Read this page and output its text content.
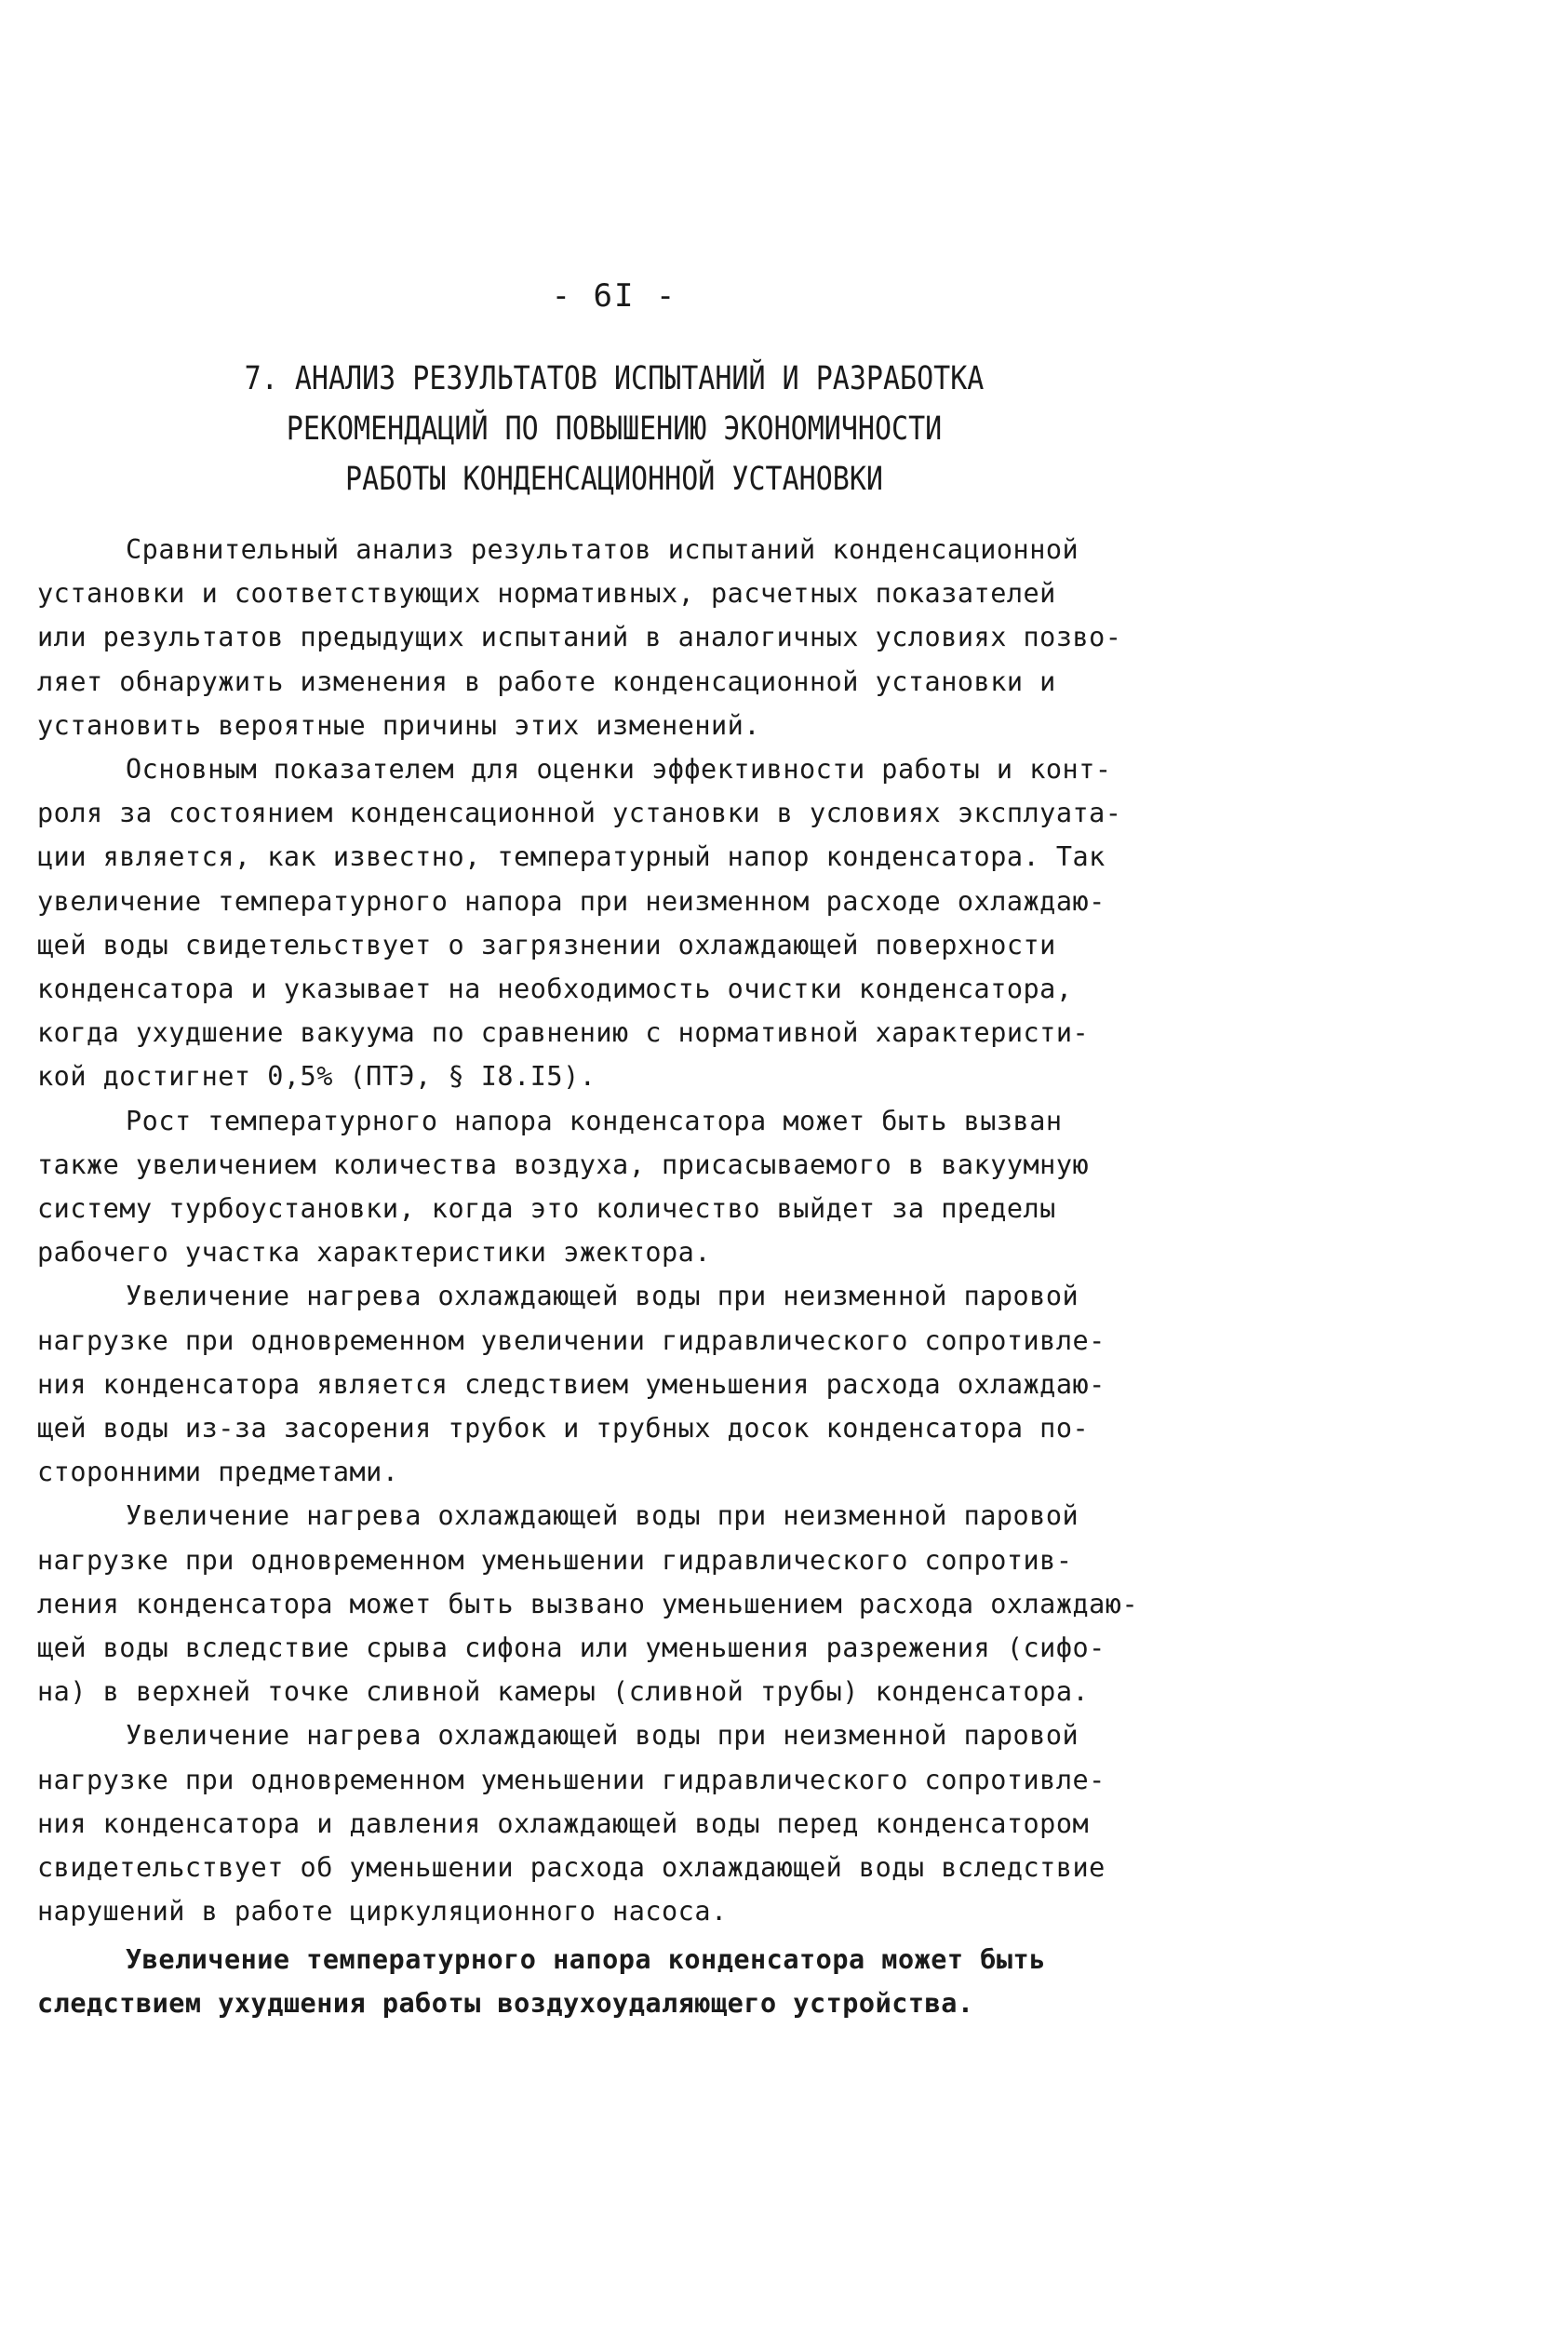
- 6I -
7. АНАЛИЗ РЕЗУЛЬТАТОВ ИСПЫТАНИЙ И РАЗРАБОТКА
РЕКОМЕНДАЦИЙ ПО ПОВЫШЕНИЮ ЭКОНОМИЧНОСТИ
РАБОТЫ КОНДЕНСАЦИОННОЙ УСТАНОВКИ
Сравнительный анализ результатов испытаний конденсационной
установки и соответствующих нормативных, расчетных показателей
или результатов предыдущих испытаний в аналогичных условиях позво-
ляет обнаружить изменения в работе конденсационной установки и
установить вероятные причины этих изменений.
Основным показателем для оценки эффективности работы и конт-
роля за состоянием конденсационной установки в условиях эксплуата-
ции является, как известно, температурный напор конденсатора. Так
увеличение температурного напора при неизменном расходе охлаждаю-
щей воды свидетельствует о загрязнении охлаждающей поверхности
конденсатора и указывает на необходимость очистки конденсатора,
когда ухудшение вакуума по сравнению с нормативной характеристи-
кой достигнет 0,5% (ПТЭ, § I8.I5).
Рост температурного напора конденсатора может быть вызван
также увеличением количества воздуха, присасываемого в вакуумную
систему турбоустановки, когда это количество выйдет за пределы
рабочего участка характеристики эжектора.
Увеличение нагрева охлаждающей воды при неизменной паровой
нагрузке при одновременном увеличении гидравлического сопротивле-
ния конденсатора является следствием уменьшения расхода охлаждаю-
щей воды из-за засорения трубок и трубных досок конденсатора по-
сторонними предметами.
Увеличение нагрева охлаждающей воды при неизменной паровой
нагрузке при одновременном уменьшении гидравлического сопротив-
ления конденсатора может быть вызвано уменьшением расхода охлаждаю-
щей воды вследствие срыва сифона или уменьшения разрежения (сифо-
на) в верхней точке сливной камеры (сливной трубы) конденсатора.
Увеличение нагрева охлаждающей воды при неизменной паровой
нагрузке при одновременном уменьшении гидравлического сопротивле-
ния конденсатора и давления охлаждающей воды перед конденсатором
свидетельствует об уменьшении расхода охлаждающей воды вследствие
нарушений в работе циркуляционного насоса.
Увеличение температурного напора конденсатора может быть
следствием ухудшения работы воздухоудаляющего устройства.
